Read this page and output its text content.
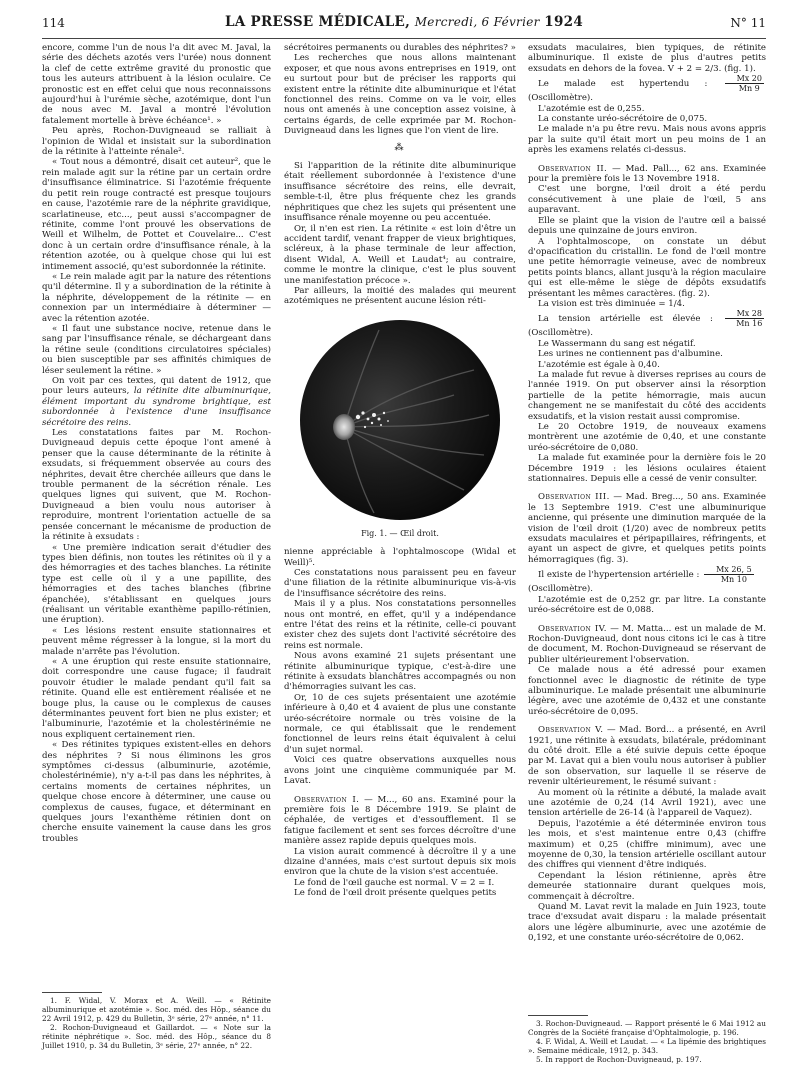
114	LA PRESSE MÉDICALE, Mercredi, 6 Février 1924	N° 11

encore, comme l'un de nous l'a dit avec M. Javal, la série des déchets azotés vers l'urée) nous donnent la clef de cette extrême gravité du pronostic que tous les auteurs attribuent à la lésion oculaire. Ce pronostic est en effet celui que nous reconnaissons aujourd'hui à l'urémie sèche, azotémique, dont l'un de nous avec M. Javal a montré l'évolution fatalement mortelle à brève échéance¹. »

Peu après, Rochon-Duvigneaud se ralliait à l'opinion de Widal et insistait sur la subordination de la rétinite à l'atteinte rénale².

« Tout nous a démontré, disait cet auteur², que le rein malade agit sur la rétine par un certain ordre d'insuffisance éliminatrice. Si l'azotémie fréquente du petit rein rouge contracté est presque toujours en cause, l'azotémie rare de la néphrite gravidique, scarlatineuse, etc..., peut aussi s'accompagner de rétinite, comme l'ont prouvé les observations de Weill et Wilhelm, de Pottet et Couvelaire... C'est donc à un certain ordre d'insuffisance rénale, à la rétention azotée, ou à quelque chose qui lui est intimement associé, qu'est subordonnée la rétinite.

« Le rein malade agit par la nature des rétentions qu'il détermine. Il y a subordination de la rétinite à la néphrite, développement de la rétinite — en connexion par un intermédiaire à déterminer — avec la rétention azotée.

« Il faut une substance nocive, retenue dans le sang par l'insuffisance rénale, se déchargeant dans la rétine seule (conditions circulatoires spéciales) ou bien susceptible par ses affinités chimiques de léser seulement la rétine. »

On voit par ces textes, qui datent de 1912, que pour leurs auteurs, la rétinite dite albuminurique, élément important du syndrome brightique, est subordonnée à l'existence d'une insuffisance sécrétoire des reins.

Les constatations faites par M. Rochon-Duvigneaud depuis cette époque l'ont amené à penser que la cause déterminante de la rétinite à exsudats, si fréquemment observée au cours des néphrites, devait être cherchée ailleurs que dans le trouble permanent de la sécrétion rénale. Les quelques lignes qui suivent, que M. Rochon-Duvigneaud a bien voulu nous autoriser à reproduire, montrent l'orientation actuelle de sa pensée concernant le mécanisme de production de la rétinite à exsudats :

« Une première indication serait d'étudier des types bien définis, non toutes les rétinites où il y a des hémorragies et des taches blanches. La rétinite type est celle où il y a une papillite, des hémorragies et des taches blanches (fibrine épanchée), s'établissant en quelques jours (réalisant un véritable exanthème papillo-rétinien, une éruption).

« Les lésions restent ensuite stationnaires et peuvent même régresser à la longue, si la mort du malade n'arrête pas l'évolution.

« A une éruption qui reste ensuite stationnaire, doit correspondre une cause fugace; il faudrait pouvoir étudier le malade pendant qu'il fait sa rétinite. Quand elle est entièrement réalisée et ne bouge plus, la cause ou le complexus de causes déterminantes peuvent fort bien ne plus exister; et l'albuminurie, l'azotémie et la cholestérinémie ne nous expliquent certainement rien.

« Des rétinites typiques existent-elles en dehors des néphrites ? Si nous éliminons les gros symptômes ci-dessus (albuminurie, azotémie, cholestérinémie), n'y a-t-il pas dans les néphrites, à certains moments de certaines néphrites, un quelque chose encore à déterminer, une cause ou complexus de causes, fugace, et déterminant en quelques jours l'exanthème rétinien dont on cherche ensuite vainement la cause dans les gros troubles

sécrétoires permanents ou durables des néphrites? »

Les recherches que nous allons maintenant exposer, et que nous avons entreprises en 1919, ont eu surtout pour but de préciser les rapports qui existent entre la rétinite dite albuminurique et l'état fonctionnel des reins. Comme on va le voir, elles nous ont amenés à une conception assez voisine, à certains égards, de celle exprimée par M. Rochon-Duvigneaud dans les lignes que l'on vient de lire.

⁂

Si l'apparition de la rétinite dite albuminurique était réellement subordonnée à l'existence d'une insuffisance sécrétoire des reins, elle devrait, semble-t-il, être plus fréquente chez les grands néphritiques que chez les sujets qui présentent une insuffisance rénale moyenne ou peu accentuée.

Or, il n'en est rien. La rétinite « est loin d'être un accident tardif, venant frapper de vieux brightiques, scléreux, à la phase terminale de leur affection, disent Widal, A. Weill et Laudat⁴; au contraire, comme le montre la clinique, c'est le plus souvent une manifestation précoce ».

Par ailleurs, la moitié des malades qui meurent azotémiques ne présentent aucune lésion réti-

Fig. 1. — Œil droit.

nienne appréciable à l'ophtalmoscope (Widal et Weill)⁵.

Ces constatations nous paraissent peu en faveur d'une filiation de la rétinite albuminurique vis-à-vis de l'insuffisance sécrétoire des reins.

Mais il y a plus. Nos constatations personnelles nous ont montré, en effet, qu'il y a indépendance entre l'état des reins et la rétinite, celle-ci pouvant exister chez des sujets dont l'activité sécrétoire des reins est normale.

Nous avons examiné 21 sujets présentant une rétinite albuminurique typique, c'est-à-dire une rétinite à exsudats blanchâtres accompagnés ou non d'hémorragies suivant les cas.

Or, 10 de ces sujets présentaient une azotémie inférieure à 0,40 et 4 avaient de plus une constante uréo-sécrétoire normale ou très voisine de la normale, ce qui établissait que le rendement fonctionnel de leurs reins était équivalent à celui d'un sujet normal.

Voici ces quatre observations auxquelles nous avons joint une cinquième communiquée par M. Lavat.

Observation I. — M..., 60 ans. Examiné pour la première fois le 8 Décembre 1919. Se plaint de céphalée, de vertiges et d'essoufflement. Il se fatigue facilement et sent ses forces décroître d'une manière assez rapide depuis quelques mois.

La vision aurait commencé à décroître il y a une dizaine d'années, mais c'est surtout depuis six mois environ que la chute de la vision s'est accentuée.

Le fond de l'œil gauche est normal. V = 2 = I.

Le fond de l'œil droit présente quelques petits

exsudats maculaires, bien typiques, de rétinite albuminurique. Il existe de plus d'autres petits exsudats en dehors de la fovea. V + 2 = 2/3. (fig. 1).

Le malade est hypertendu : $\frac{Mx 20}{Mn 9}$
(Oscillomètre).

L'azotémie est de 0,255.

La constante uréo-sécrétoire de 0,075.

Le malade n'a pu être revu. Mais nous avons appris par la suite qu'il était mort un peu moins de 1 an après les examens relatés ci-dessus.

Observation II. — Mad. Pall..., 62 ans. Examinée pour la première fois le 13 Novembre 1918.

C'est une borgne, l'œil droit a été perdu consécutivement à une plaie de l'œil, 5 ans auparavant.

Elle se plaint que la vision de l'autre œil a baissé depuis une quinzaine de jours environ.

A l'ophtalmoscope, on constate un début d'opacification du cristallin. Le fond de l'œil montre une petite hémorragie veineuse, avec de nombreux petits points blancs, allant jusqu'à la région maculaire qui est elle-même le siège de dépôts exsudatifs présentant les mêmes caractères. (fig. 2).

La vision est très diminuée = 1/4.

La tension artérielle est élevée : $\frac{Mx 28}{Mn 16}$
(Oscillomètre).

Le Wassermann du sang est négatif.

Les urines ne contiennent pas d'albumine.

L'azotémie est égale à 0,40.

La malade fut revue à diverses reprises au cours de l'année 1919. On put observer ainsi la résorption partielle de la petite hémorragie, mais aucun changement ne se manifestait du côté des accidents exsudatifs, et la vision restait aussi compromise.

Le 20 Octobre 1919, de nouveaux examens montrèrent une azotémie de 0,40, et une constante uréo-sécrétoire de 0,080.

La malade fut examinée pour la dernière fois le 20 Décembre 1919 : les lésions oculaires étaient stationnaires. Depuis elle a cessé de venir consulter.

Observation III. — Mad. Breg..., 50 ans. Examinée le 13 Septembre 1919. C'est une albuminurique ancienne, qui présente une diminution marquée de la vision de l'œil droit (1/20) avec de nombreux petits exsudats maculaires et péripapillaires, réfringents, et ayant un aspect de givre, et quelques petits points hémorragiques (fig. 3).

Il existe de l'hypertension artérielle : $\frac{Mx 26, 5}{Mn 10}$

(Oscillomètre).

L'azotémie est de 0,252 gr. par litre. La constante uréo-sécrétoire est de 0,088.

Observation IV. — M. Matta... est un malade de M. Rochon-Duvigneaud, dont nous citons ici le cas à titre de document, M. Rochon-Duvigneaud se réservant de publier ultérieurement l'observation.

Ce malade nous a été adressé pour examen fonctionnel avec le diagnostic de rétinite de type albuminurique. Le malade présentait une albuminurie légère, avec une azotémie de 0,432 et une constante uréo-sécrétoire de 0,095.

Observation V. — Mad. Bord... a présenté, en Avril 1921, une rétinite à exsudats, bilatérale, prédominant du côté droit. Elle a été suivie depuis cette époque par M. Lavat qui a bien voulu nous autoriser à publier de son observation, sur laquelle il se réserve de revenir ultérieurement, le résumé suivant :

Au moment où la rétinite a débuté, la malade avait une azotémie de 0,24 (14 Avril 1921), avec une tension artérielle de 26-14 (à l'appareil de Vaquez).

Depuis, l'azotémie a été déterminée environ tous les mois, et s'est maintenue entre 0,43 (chiffre maximum) et 0,25 (chiffre minimum), avec une moyenne de 0,30, la tension artérielle oscillant autour des chiffres qui viennent d'être indiqués.

Cependant la lésion rétinienne, après être demeurée stationnaire durant quelques mois, commençait à décroître.

Quand M. Lavat revit la malade en Juin 1923, toute trace d'exsudat avait disparu : la malade présentait alors une légère albuminurie, avec une azotémie de 0,192, et une constante uréo-sécrétoire de 0,062.

1. F. Widal, V. Morax et A. Weill. — « Rétinite albuminurique et azotémie ». Soc. méd. des Hôp., séance du 22 Avril 1912, p. 429 du Bulletin, 3ᵉ série, 27ᵉ année, n° 11.

2. Rochon-Duvigneaud et Gaillardot. — « Note sur la rétinite néphrétique ». Soc. méd. des Hôp., séance du 8 Juillet 1910, p. 34 du Bulletin, 3ᵉ série, 27ᵉ année, n° 22.

3. Rochon-Duvigneaud. — Rapport présenté le 6 Mai 1912 au Congrès de la Société française d'Ophtalmologie, p. 196.

4. F. Widal, A. Weill et Laudat. — « La lipémie des brightiques ». Semaine médicale, 1912, p. 343.

5. In rapport de Rochon-Duvigneaud, p. 197.
